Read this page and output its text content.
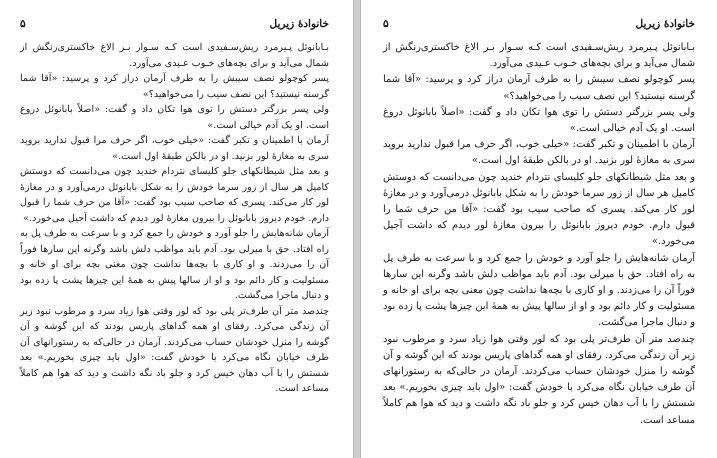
خانوادهٔ زیریل
۵

بـابانوئل پـیرمرد ریش‌سـفیدی است کـه سـوار بـر الاغ خاکستری‌رنگش از شمال می‌آید و برای بچه‌های خـوب عـیدی می‌آورد.

پسر کوچولو نصف سیبش را به طرف آرمان دراز کرد و پرسید: «آقا شما گرسنه نیستید؟ این نصف سیب را می‌خواهید؟»

ولی پسر بزرگتر دستش را توی هوا تکان داد و گفت: «اصلاً بابانوئل دروغ است. او یک آدم خیالی است.»

آرمان با اطمینان و تکبر گفت: «خیلی خوب، اگر حرف مرا قبول ندارید بروید سری به مغازهٔ لور بزنید. او در بالکن طبقهٔ اول است.»

و بعد مثل شیطانکهای جلو کلیسای نتردام خندید چون می‌دانست که دوستش کامیل هر سال از زور سرما خودش را به شکل بابانوئل درمی‌آورد و در مغازهٔ لور کار می‌کند. پسری که صاحب سیب بود گفت: «آقا من حرف شما را قبول دارم. خودم دیروز بابانوئل را بیرون مغازهٔ لور دیدم که داشت آجیل می‌خورد.»

آرمان شانه‌هایش را جلو آورد و خودش را جمع کرد و با سرعت به طرف پل به راه افتاد. حق با میرلی بود. آدم باید مواظب دلش باشد وگرنه این سارها فوراً آن را می‌زدند. و او کاری با بچه‌ها نداشت چون معنی بچه برای او خانه و مسئولیت و کار دائم بود و او از سالها پیش به همهٔ این چیزها پشت پا زده بود و دنبال ماجرا می‌گشت.

چندصد متر آن طرف‌تر پلی بود که لور وقتی هوا زیاد سرد و مرطوب نبود زیر آن زندگی می‌کرد. رفقای او همه گداهای پاریس بودند که این گوشه و آن گوشه را منزل خودشان حساب می‌کردند. آرمان در حالی‌که به رستورانهای آن طرف خیابان نگاه می‌کرد با خودش گفت: «اول باید چیزی بخوریم.» بعد شستش را با آب دهان خیس کرد و جلو باد نگه داشت و دید که هوا هم کاملاً مساعد است.

خانوادهٔ زیریل
۵

بـابانوئل پـیرمرد ریش‌سـفیدی است کـه سـوار بـر الاغ خاکستری‌رنگش از شمال می‌آید و برای بچه‌های خـوب عـیدی می‌آورد.

پسر کوچولو نصف سیبش را به طرف آرمان دراز کرد و پرسید: «آقا شما گرسنه نیستید؟ این نصف سیب را می‌خواهید؟»

ولی پسر بزرگتر دستش را توی هوا تکان داد و گفت: «اصلاً بابانوئل دروغ است. او یک آدم خیالی است.»

آرمان با اطمینان و تکبر گفت: «خیلی خوب، اگر حرف مرا قبول ندارید بروید سری به مغازهٔ لور بزنید. او در بالکن طبقهٔ اول است.»

و بعد مثل شیطانکهای جلو کلیسای نتردام خندید چون می‌دانست که دوستش کامیل هر سال از زور سرما خودش را به شکل بابانوئل درمی‌آورد و در مغازهٔ لور کار می‌کند. پسری که صاحب سیب بود گفت: «آقا من حرف شما را قبول دارم. خودم دیروز بابانوئل را بیرون مغازهٔ لور دیدم که داشت آجیل می‌خورد.»

آرمان شانه‌هایش را جلو آورد و خودش را جمع کرد و با سرعت به طرف پل به راه افتاد. حق با میرلی بود. آدم باید مواظب دلش باشد وگرنه این سارها فوراً آن را می‌زدند. و او کاری با بچه‌ها نداشت چون معنی بچه برای او خانه و مسئولیت و کار دائم بود و او از سالها پیش به همهٔ این چیزها پشت پا زده بود و دنبال ماجرا می‌گشت.

چندصد متر آن طرف‌تر پلی بود که لور وقتی هوا زیاد سرد و مرطوب نبود زیر آن زندگی می‌کرد. رفقای او همه گداهای پاریس بودند که این گوشه و آن گوشه را منزل خودشان حساب می‌کردند. آرمان در حالی‌که به رستورانهای آن طرف خیابان نگاه می‌کرد با خودش گفت: «اول باید چیزی بخوریم.» بعد شستش را با آب دهان خیس کرد و جلو باد نگه داشت و دید که هوا هم کاملاً مساعد است.
